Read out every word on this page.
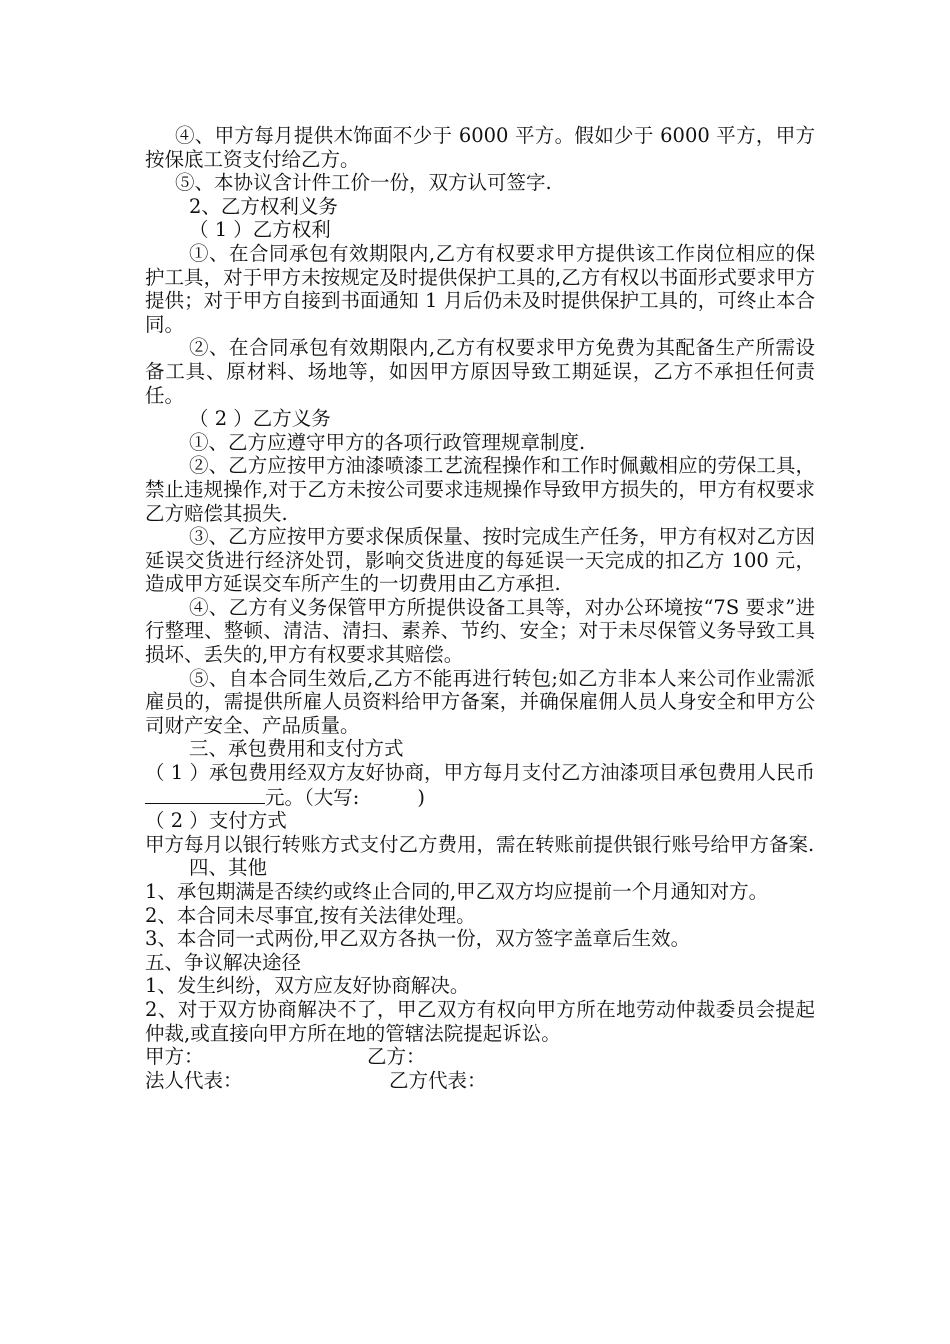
④、甲方每月提供木饰面不少于 6000 平方。假如少于 6000 平方，甲方按保底工资支付给乙方。

⑤、本协议含计件工价一份，双方认可签字.

2、乙方权利义务

（ 1 ）乙方权利

①、在合同承包有效期限内,乙方有权要求甲方提供该工作岗位相应的保护工具，对于甲方未按规定及时提供保护工具的,乙方有权以书面形式要求甲方提供；对于甲方自接到书面通知 1 月后仍未及时提供保护工具的，可终止本合同。

②、在合同承包有效期限内,乙方有权要求甲方免费为其配备生产所需设备工具、原材料、场地等，如因甲方原因导致工期延误，乙方不承担任何责任。

（ 2 ）乙方义务

①、乙方应遵守甲方的各项行政管理规章制度.

②、乙方应按甲方油漆喷漆工艺流程操作和工作时佩戴相应的劳保工具，禁止违规操作,对于乙方未按公司要求违规操作导致甲方损失的，甲方有权要求乙方赔偿其损失.

③、乙方应按甲方要求保质保量、按时完成生产任务，甲方有权对乙方因延误交货进行经济处罚，影响交货进度的每延误一天完成的扣乙方 100 元，造成甲方延误交车所产生的一切费用由乙方承担.

④、乙方有义务保管甲方所提供设备工具等，对办公环境按“7S 要求”进行整理、整顿、清洁、清扫、素养、节约、安全；对于未尽保管义务导致工具损坏、丢失的,甲方有权要求其赔偿。

⑤、自本合同生效后,乙方不能再进行转包;如乙方非本人来公司作业需派雇员的，需提供所雇人员资料给甲方备案，并确保雇佣人员人身安全和甲方公司财产安全、产品质量。

三、承包费用和支付方式

（ 1 ）承包费用经双方友好协商，甲方每月支付乙方油漆项目承包费用人民币元。（大写:	)

（ 2 ）支付方式

甲方每月以银行转账方式支付乙方费用，需在转账前提供银行账号给甲方备案.

四、其他

1、承包期满是否续约或终止合同的,甲乙双方均应提前一个月通知对方。

2、本合同未尽事宜,按有关法律处理。

3、本合同一式两份,甲乙双方各执一份，双方签字盖章后生效。

五、争议解决途径

1、发生纠纷，双方应友好协商解决。

2、对于双方协商解决不了，甲乙双方有权向甲方所在地劳动仲裁委员会提起仲裁,或直接向甲方所在地的管辖法院提起诉讼。

甲方：	乙方：
法人代表：	乙方代表：
